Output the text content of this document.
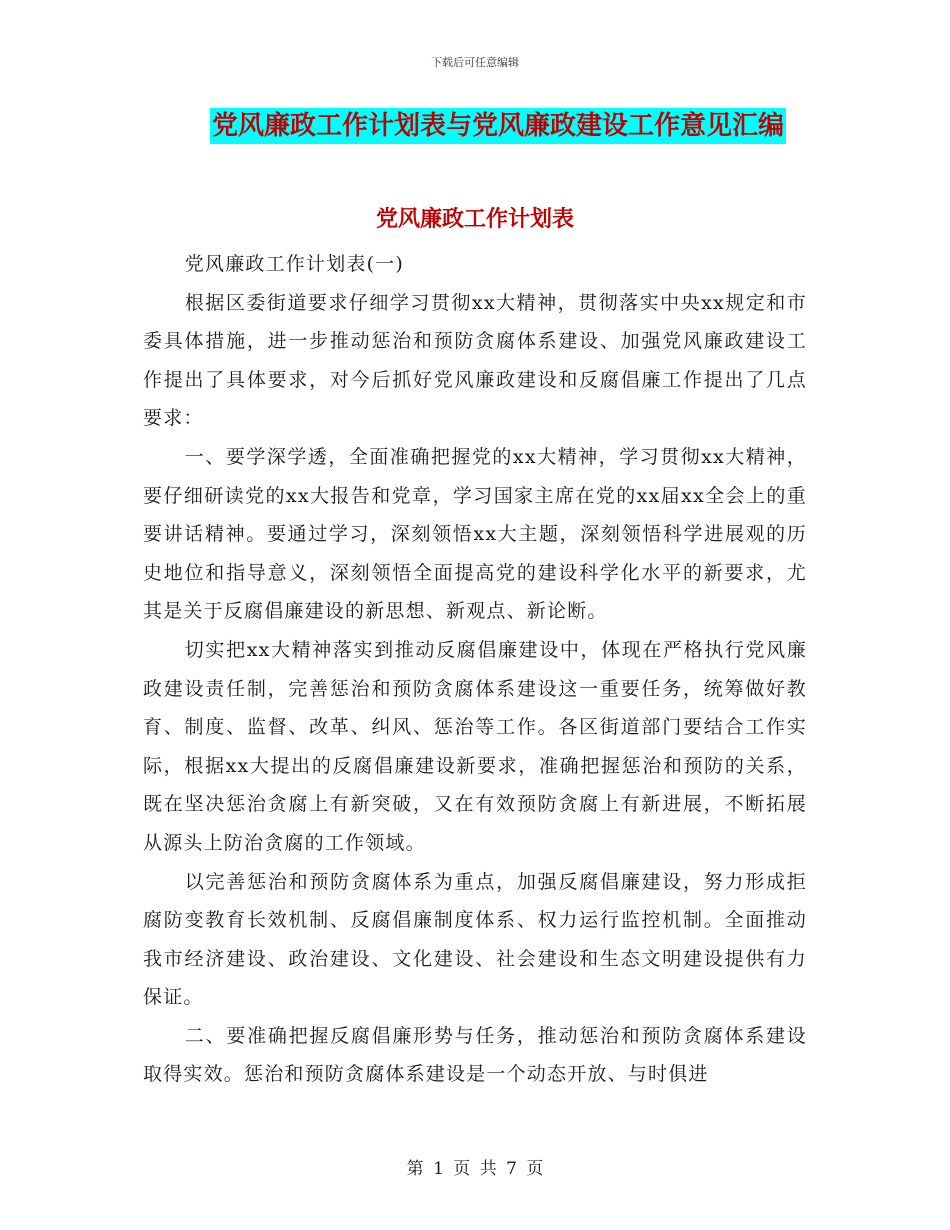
下载后可任意编辑
党风廉政工作计划表与党风廉政建设工作意见汇编
党风廉政工作计划表

党风廉政工作计划表(一)

根据区委街道要求仔细学习贯彻xx大精神，贯彻落实中央xx规定和市委具体措施，进一步推动惩治和预防贪腐体系建设、加强党风廉政建设工作提出了具体要求，对今后抓好党风廉政建设和反腐倡廉工作提出了几点要求：

一、要学深学透，全面准确把握党的xx大精神，学习贯彻xx大精神，要仔细研读党的xx大报告和党章，学习国家主席在党的xx届xx全会上的重要讲话精神。要通过学习，深刻领悟xx大主题，深刻领悟科学进展观的历史地位和指导意义，深刻领悟全面提高党的建设科学化水平的新要求，尤其是关于反腐倡廉建设的新思想、新观点、新论断。

切实把xx大精神落实到推动反腐倡廉建设中，体现在严格执行党风廉政建设责任制，完善惩治和预防贪腐体系建设这一重要任务，统筹做好教育、制度、监督、改革、纠风、惩治等工作。各区街道部门要结合工作实际，根据xx大提出的反腐倡廉建设新要求，准确把握惩治和预防的关系，既在坚决惩治贪腐上有新突破，又在有效预防贪腐上有新进展，不断拓展从源头上防治贪腐的工作领域。

以完善惩治和预防贪腐体系为重点，加强反腐倡廉建设，努力形成拒腐防变教育长效机制、反腐倡廉制度体系、权力运行监控机制。全面推动我市经济建设、政治建设、文化建设、社会建设和生态文明建设提供有力保证。

二、要准确把握反腐倡廉形势与任务，推动惩治和预防贪腐体系建设取得实效。惩治和预防贪腐体系建设是一个动态开放、与时俱进

第 1 页 共 7 页
